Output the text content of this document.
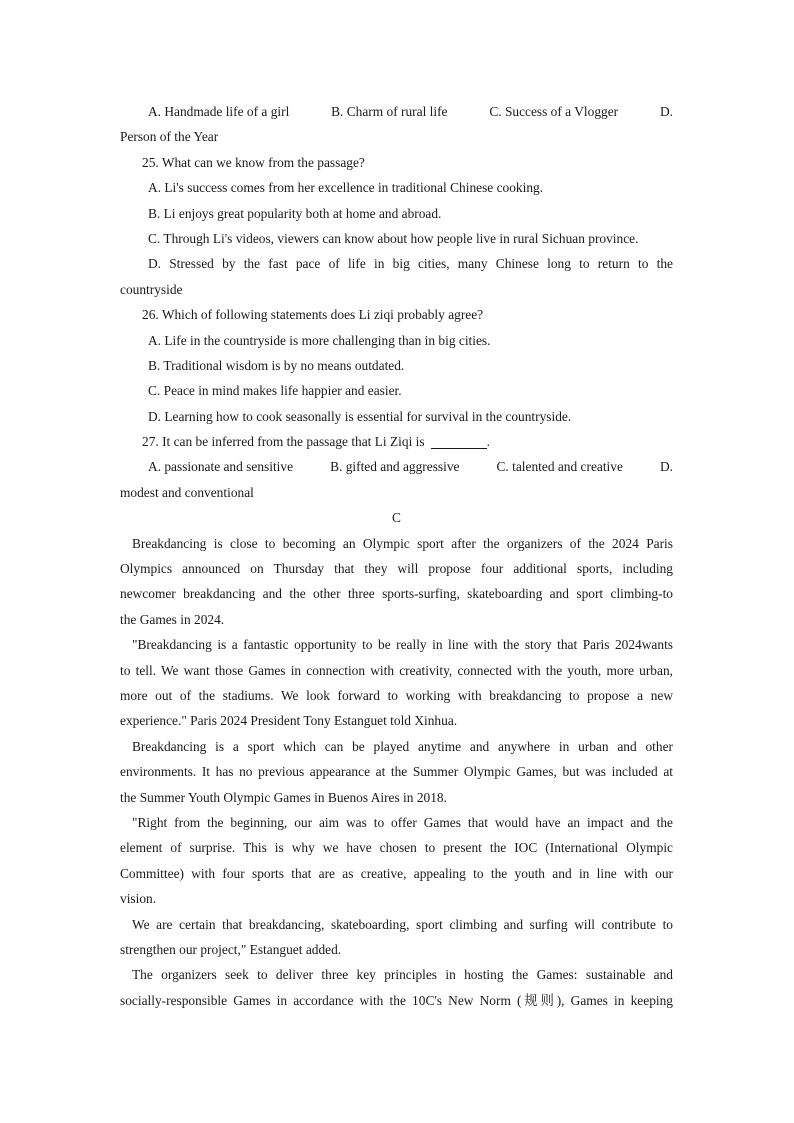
A. Handmade life of a girl	B. Charm of rural life	C. Success of a Vlogger	D.
Person of the Year
25. What can we know from the passage?
A. Li's success comes from her excellence in traditional Chinese cooking.
B. Li enjoys great popularity both at home and abroad.
C. Through Li's videos, viewers can know about how people live in rural Sichuan province.
D. Stressed by the fast pace of life in big cities, many Chinese long to return to the
countryside
26. Which of following statements does Li ziqi probably agree?
A. Life in the countryside is more challenging than in big cities.
B. Traditional wisdom is by no means outdated.
C. Peace in mind makes life happier and easier.
D. Learning how to cook seasonally is essential for survival in the countryside.
27. It can be inferred from the passage that Li Ziqi is	.
A. passionate and sensitive	B. gifted and aggressive	C. talented and creative	D.
modest and conventional
C
Breakdancing is close to becoming an Olympic sport after the organizers of the 2024 Paris
Olympics announced on Thursday that they will propose four additional sports, including
newcomer breakdancing and the other three sports-surfing, skateboarding and sport climbing-to
the Games in 2024.
"Breakdancing is a fantastic opportunity to be really in line with the story that Paris 2024wants
to tell. We want those Games in connection with creativity, connected with the youth, more urban,
more out of the stadiums. We look forward to working with breakdancing to propose a new
experience." Paris 2024 President Tony Estanguet told Xinhua.
Breakdancing is a sport which can be played anytime and anywhere in urban and other
environments. It has no previous appearance at the Summer Olympic Games, but was included at
the Summer Youth Olympic Games in Buenos Aires in 2018.
"Right from the beginning, our aim was to offer Games that would have an impact and the
element of surprise. This is why we have chosen to present the IOC (International Olympic
Committee) with four sports that are as creative, appealing to the youth and in line with our
vision.
We are certain that breakdancing, skateboarding, sport climbing and surfing will contribute to
strengthen our project," Estanguet added.
The organizers seek to deliver three key principles in hosting the Games: sustainable and
socially-responsible Games in accordance with the 10C's New Norm (规则), Games in keeping
